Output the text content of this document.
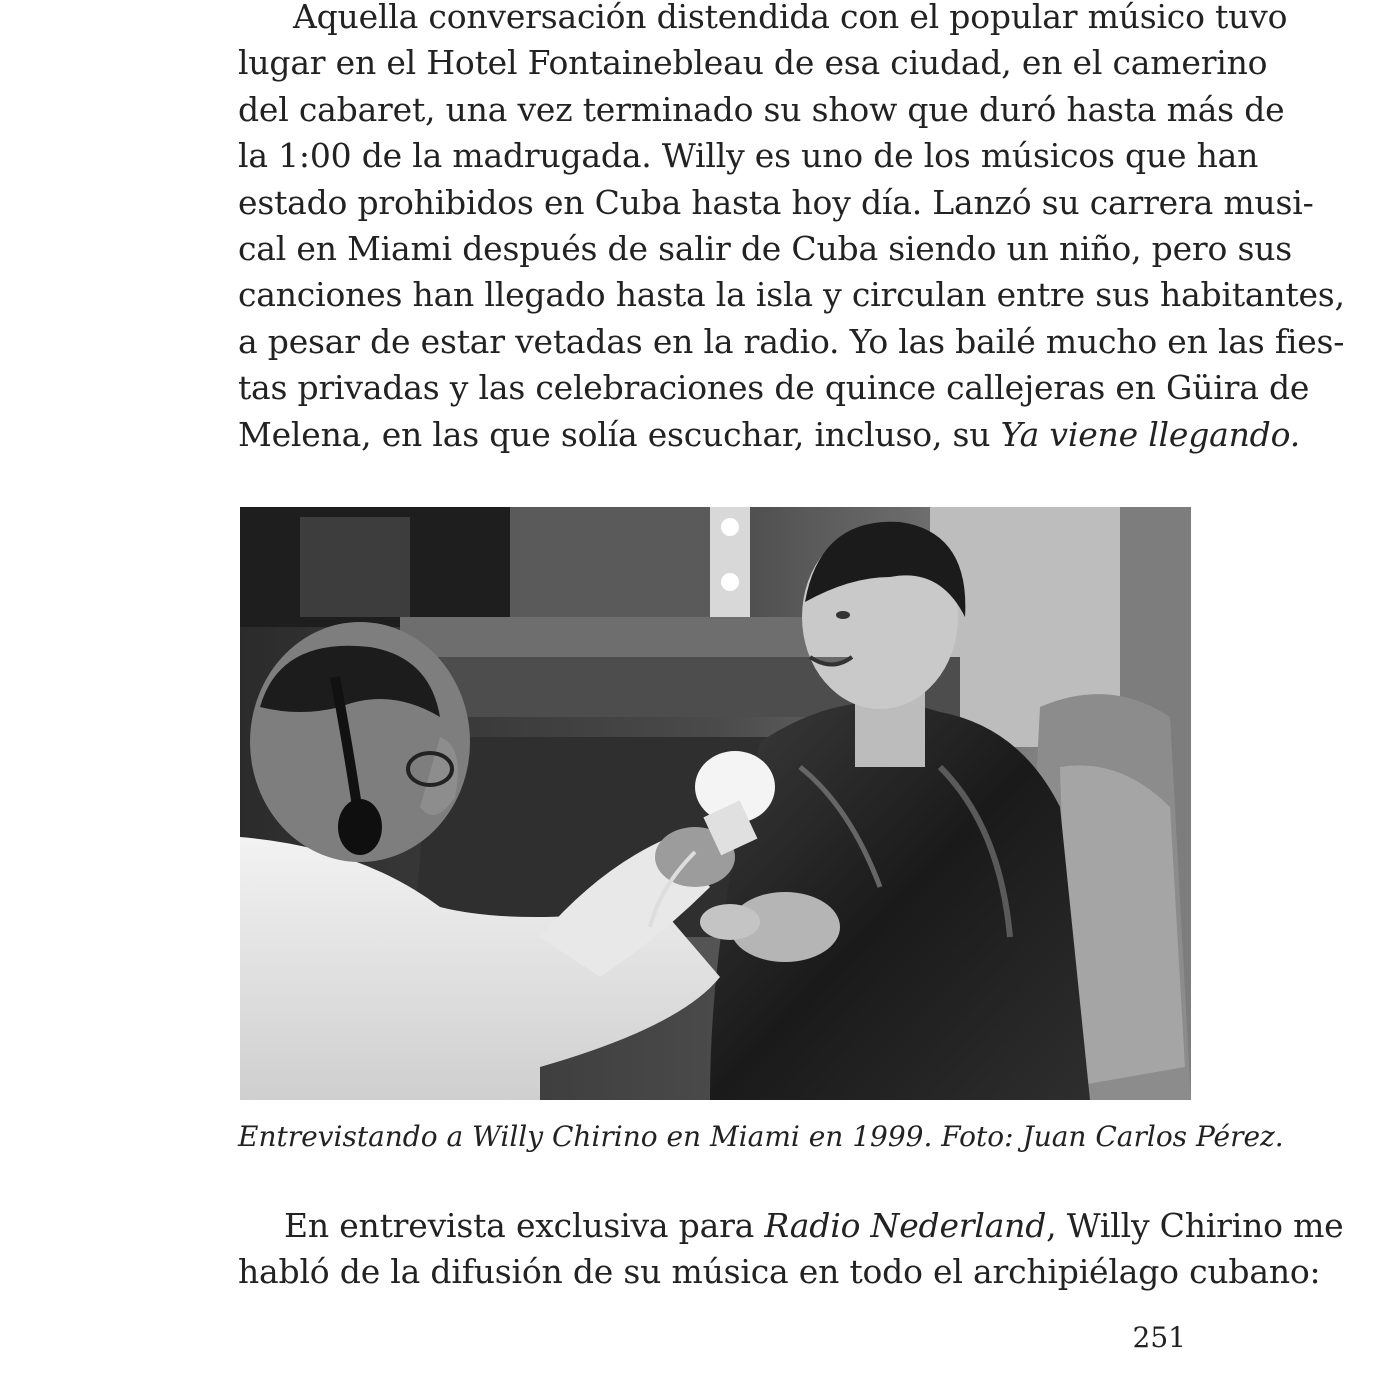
Aquella conversación distendida con el popular músico tuvo
lugar en el Hotel Fontainebleau de esa ciudad, en el camerino
del cabaret, una vez terminado su show que duró hasta más de
la 1:00 de la madrugada. Willy es uno de los músicos que han
estado prohibidos en Cuba hasta hoy día. Lanzó su carrera musi-
cal en Miami después de salir de Cuba siendo un niño, pero sus
canciones han llegado hasta la isla y circulan entre sus habitantes,
a pesar de estar vetadas en la radio. Yo las bailé mucho en las fies-
tas privadas y las celebraciones de quince callejeras en Güira de
Melena, en las que solía escuchar, incluso, su Ya viene llegando.
Entrevistando a Willy Chirino en Miami en 1999. Foto: Juan Carlos Pérez.
En entrevista exclusiva para Radio Nederland, Willy Chirino me
habló de la difusión de su música en todo el archipiélago cubano:
251
